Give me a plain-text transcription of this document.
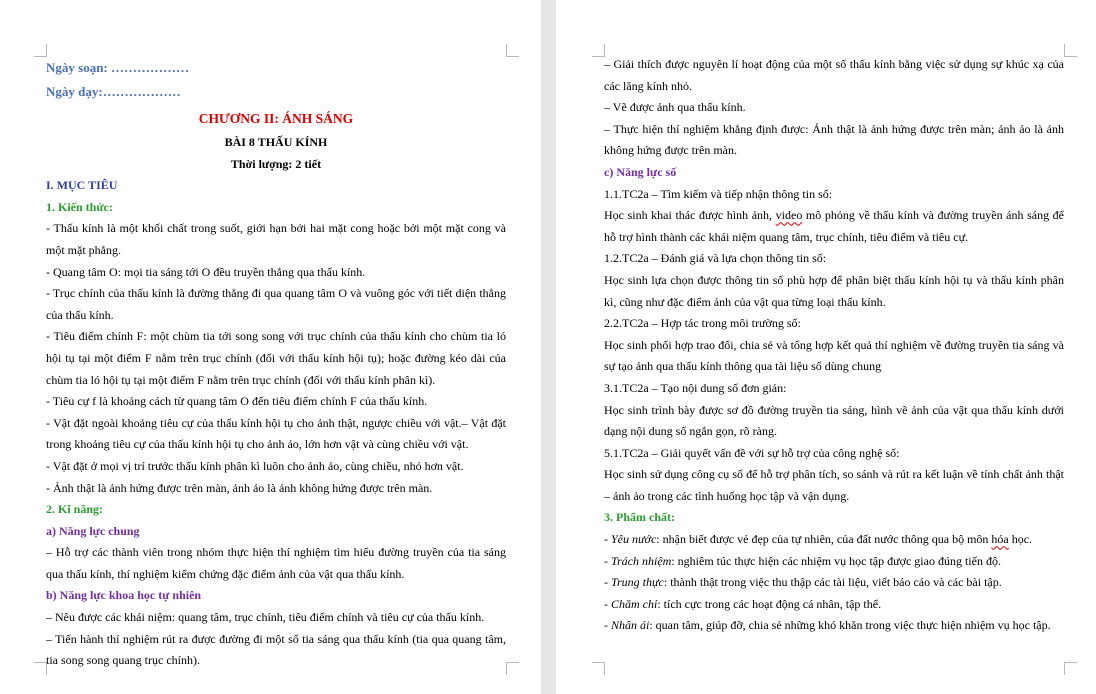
Ngày soạn: ………………

Ngày dạy:………………

CHƯƠNG II: ÁNH SÁNG

BÀI 8 THẤU KÍNH

Thời lượng: 2 tiết

I. MỤC TIÊU

1. Kiến thức:

- Thấu kính là một khối chất trong suốt, giới hạn bởi hai mặt cong hoặc bởi một mặt cong và một mặt phẳng.

- Quang tâm O: mọi tia sáng tới O đều truyền thẳng qua thấu kính.

- Trục chính của thấu kính là đường thẳng đi qua quang tâm O và vuông góc với tiết diện thẳng của thấu kính.

- Tiêu điểm chính F: một chùm tia tới song song với trục chính của thấu kính cho chùm tia ló hội tụ tại một điểm F nằm trên trục chính (đối với thấu kính hội tụ); hoặc đường kéo dài của chùm tia ló hội tụ tại một điểm F nằm trên trục chính (đối với thấu kính phân kì).

- Tiêu cự f là khoảng cách từ quang tâm O đến tiêu điểm chính F của thấu kính.

- Vật đặt ngoài khoảng tiêu cự của thấu kính hội tụ cho ảnh thật, ngược chiều với vật.– Vật đặt trong khoảng tiêu cự của thấu kính hội tụ cho ảnh ảo, lớn hơn vật và cùng chiều với vật.

- Vật đặt ở mọi vị trí trước thấu kính phân kì luôn cho ảnh ảo, cùng chiều, nhỏ hơn vật.

- Ảnh thật là ảnh hứng được trên màn, ảnh ảo là ảnh không hứng được trên màn.

2. Kĩ năng:

a) Năng lực chung

– Hỗ trợ các thành viên trong nhóm thực hiện thí nghiệm tìm hiểu đường truyền của tia sáng qua thấu kính, thí nghiệm kiểm chứng đặc điểm ảnh của vật qua thấu kính.

b) Năng lực khoa học tự nhiên

– Nêu được các khái niệm: quang tâm, trục chính, tiêu điểm chính và tiêu cự của thấu kính.

– Tiến hành thí nghiệm rút ra được đường đi một số tia sáng qua thấu kính (tia qua quang tâm, tia song song quang trục chính).

– Giải thích được nguyên lí hoạt động của một số thấu kính bằng việc sử dụng sự khúc xạ của các lăng kính nhỏ.

– Vẽ được ảnh qua thấu kính.

– Thực hiện thí nghiệm khẳng định được: Ảnh thật là ảnh hứng được trên màn; ảnh ảo là ảnh không hứng được trên màn.

c) Năng lực số

1.1.TC2a – Tìm kiếm và tiếp nhận thông tin số:

Học sinh khai thác được hình ảnh, video mô phỏng về thấu kính và đường truyền ánh sáng để hỗ trợ hình thành các khái niệm quang tâm, trục chính, tiêu điểm và tiêu cự.

1.2.TC2a – Đánh giá và lựa chọn thông tin số:

Học sinh lựa chọn được thông tin số phù hợp để phân biệt thấu kính hội tụ và thấu kính phân kì, cũng như đặc điểm ảnh của vật qua từng loại thấu kính.

2.2.TC2a – Hợp tác trong môi trường số:

Học sinh phối hợp trao đổi, chia sẻ và tổng hợp kết quả thí nghiệm về đường truyền tia sáng và sự tạo ảnh qua thấu kính thông qua tài liệu số dùng chung

3.1.TC2a – Tạo nội dung số đơn giản:

Học sinh trình bày được sơ đồ đường truyền tia sáng, hình vẽ ảnh của vật qua thấu kính dưới dạng nội dung số ngắn gọn, rõ ràng.

5.1.TC2a – Giải quyết vấn đề với sự hỗ trợ của công nghệ số:

Học sinh sử dụng công cụ số để hỗ trợ phân tích, so sánh và rút ra kết luận về tính chất ảnh thật – ảnh ảo trong các tình huống học tập và vận dụng.

3. Phẩm chất:

- Yêu nước: nhận biết được vẻ đẹp của tự nhiên, của đất nước thông qua bộ môn hóa học.

- Trách nhiệm: nghiêm túc thực hiện các nhiệm vụ học tập được giao đúng tiến độ.

- Trung thực: thành thật trong việc thu thập các tài liệu, viết báo cáo và các bài tập.

- Chăm chỉ: tích cực trong các hoạt động cá nhân, tập thể.

- Nhân ái: quan tâm, giúp đỡ, chia sẻ những khó khăn trong việc thực hiện nhiệm vụ học tập.
